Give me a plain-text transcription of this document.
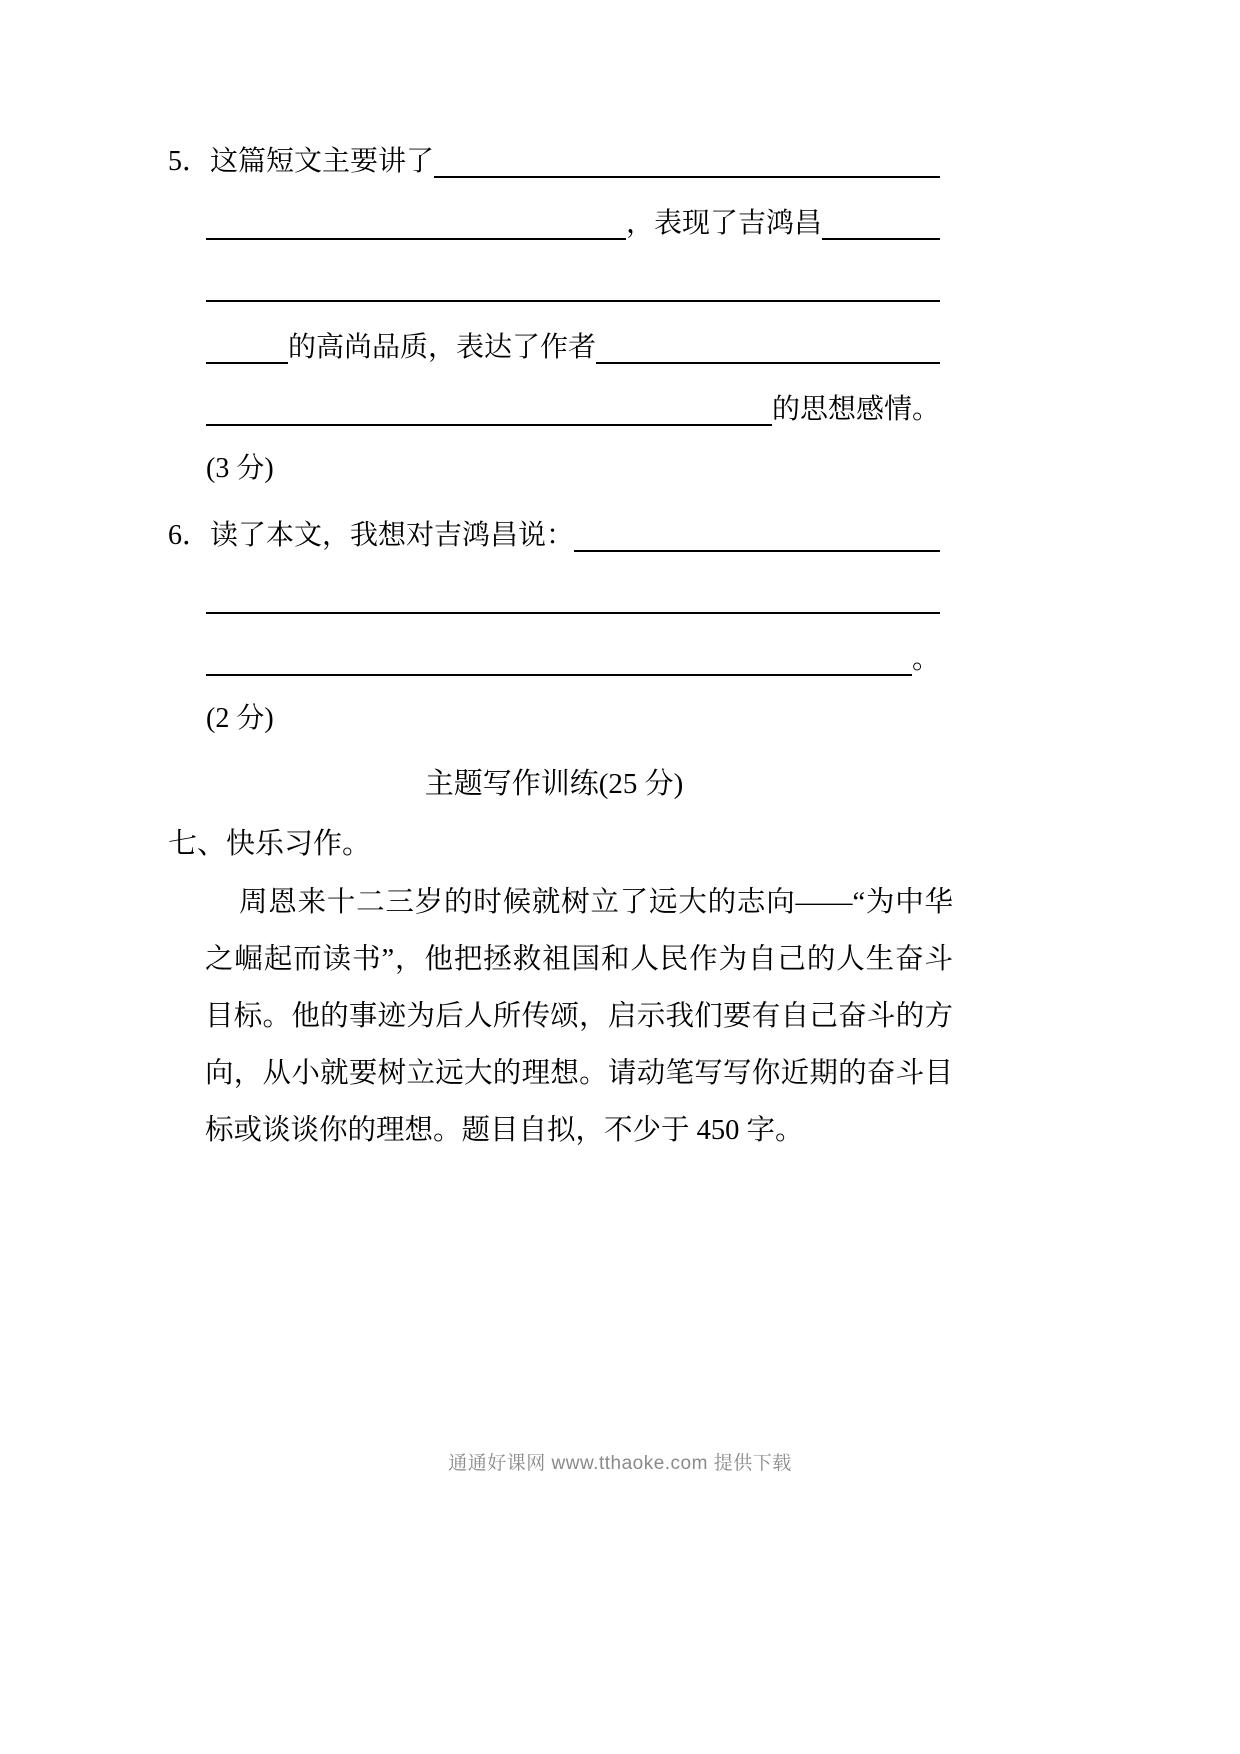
5． 这篇短文主要讲了
，表现了吉鸿昌
的高尚品质，表达了作者
的思想感情。
(3 分)
6． 读了本文，我想对吉鸿昌说：
。
(2 分)
主题写作训练(25 分)
七、快乐习作。
周恩来十二三岁的时候就树立了远大的志向——“为中华之崛起而读书”，他把拯救祖国和人民作为自己的人生奋斗目标。他的事迹为后人所传颂，启示我们要有自己奋斗的方向，从小就要树立远大的理想。请动笔写写你近期的奋斗目标或谈谈你的理想。题目自拟，不少于 450 字。
通通好课网 www.tthaoke.com 提供下载
